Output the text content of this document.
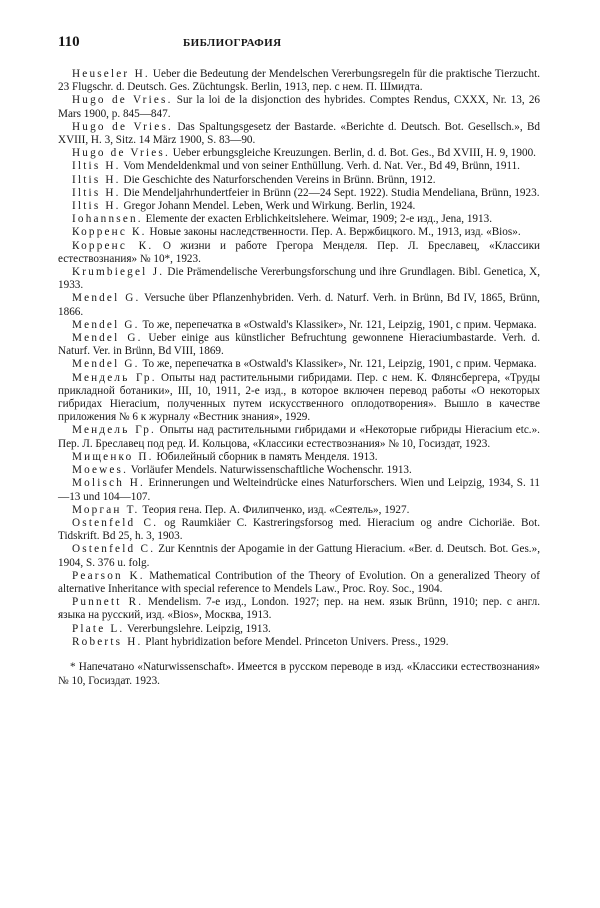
110	БИБЛИОГРАФИЯ

Heuseler H. Ueber die Bedeutung der Mendelschen Vererbungsregeln für die praktische Tierzucht. 23 Flugschr. d. Deutsch. Ges. Züchtungsk. Berlin, 1913, пер. с нем. П. Шмидта.

Hugo de Vries. Sur la loi de la disjonction des hybrides. Comptes Rendus, CXXX, Nr. 13, 26 Mars 1900, p. 845—847.

Hugo de Vries. Das Spaltungsgesetz der Bastarde. «Berichte d. Deutsch. Bot. Gesellsch.», Bd XVIII, H. 3, Sitz. 14 März 1900, S. 83—90.

Hugo de Vries. Ueber erbungsgleiche Kreuzungen. Berlin, d. d. Bot. Ges., Bd XVIII, H. 9, 1900.

Iltis H. Vom Mendeldenkmal und von seiner Enthüllung. Verh. d. Nat. Ver., Bd 49, Brünn, 1911.

Iltis H. Die Geschichte des Naturforschenden Vereins in Brünn. Brünn, 1912.

Iltis H. Die Mendeljahrhundertfeier in Brünn (22—24 Sept. 1922). Studia Mendeliana, Brünn, 1923.

Iltis H. Gregor Johann Mendel. Leben, Werk und Wirkung. Berlin, 1924.

Iohannsen. Elemente der exacten Erblichkeitslehere. Weimar, 1909; 2-е изд., Jena, 1913.

Корренс К. Новые законы наследственности. Пер. А. Вержбицкого. М., 1913, изд. «Bios».

Корренс К. О жизни и работе Грегора Менделя. Пер. Л. Бреславец, «Классики естествознания» № 10*, 1923.

Krumbiegel J. Die Prämendelische Vererbungsforschung und ihre Grundlagen. Bibl. Genetica, X, 1933.

Mendel G. Versuche über Pflanzenhybriden. Verh. d. Naturf. Verh. in Brünn, Bd IV, 1865, Brünn, 1866.

Mendel G. То же, перепечатка в «Ostwald's Klassiker», Nr. 121, Leipzig, 1901, с прим. Чермака.

Mendel G. Ueber einige aus künstlicher Befruchtung gewonnene Hieraciumbastarde. Verh. d. Naturf. Ver. in Brünn, Bd VIII, 1869.

Mendel G. То же, перепечатка в «Ostwald's Klassiker», Nr. 121, Leipzig, 1901, с прим. Чермака.

Мендель Гр. Опыты над растительными гибридами. Пер. с нем. К. Флянсбергера, «Труды прикладной ботаники», III, 10, 1911, 2-е изд., в которое включен перевод работы «О некоторых гибридах Hieracium, полученных путем искусственного оплодотворения». Вышло в качестве приложения № 6 к журналу «Вестник знания», 1929.

Мендель Гр. Опыты над растительными гибридами и «Некоторые гибриды Hieracium etc.». Пер. Л. Бреславец под ред. И. Кольцова, «Классики естествознания» № 10, Госиздат, 1923.

Мищенко П. Юбилейный сборник в память Менделя. 1913.

Moewes. Vorläufer Mendels. Naturwissenschaftliche Wochenschr. 1913.

Molisch H. Erinnerungen und Welteindrücke eines Naturforschers. Wien und Leipzig, 1934, S. 11—13 und 104—107.

Морган Т. Теория гена. Пер. А. Филипченко, изд. «Сеятель», 1927.

Ostenfeld C. og Raumkiäer C. Kastreringsforsog med. Hieracium og andre Cichoriäe. Bot. Tidskrift. Bd 25, h. 3, 1903.

Ostenfeld C. Zur Kenntnis der Apogamie in der Gattung Hieracium. «Ber. d. Deutsch. Bot. Ges.», 1904, S. 376 u. folg.

Pearson K. Mathematical Contribution of the Theory of Evolution. On a generalized Theory of alternative Inheritance with special reference to Mendels Law., Proc. Roy. Soc., 1904.

Punnett R. Mendelism. 7-е изд., London. 1927; пер. на нем. язык Brünn, 1910; пер. с англ. языка на русский, изд. «Bios», Москва, 1913.

Plate L. Vererbungslehre. Leipzig, 1913.

Roberts H. Plant hybridization before Mendel. Princeton Univers. Press., 1929.

* Напечатано «Naturwissenschaft». Имеется в русском переводе в изд. «Классики естествознания» № 10, Госиздат. 1923.
